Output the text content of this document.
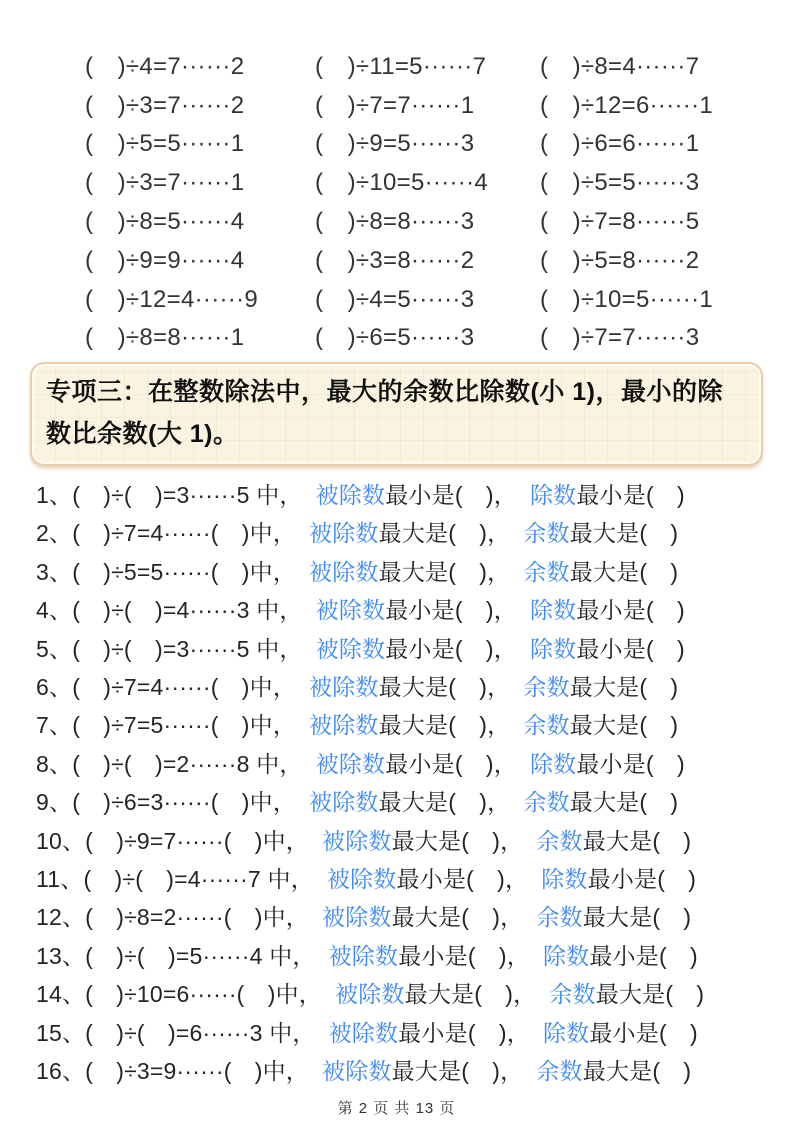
(　)÷4=7······2	(　)÷11=5······7	(　)÷8=4······7
(　)÷3=7······2	(　)÷7=7······1	(　)÷12=6······1
(　)÷5=5······1	(　)÷9=5······3	(　)÷6=6······1
(　)÷3=7······1	(　)÷10=5······4	(　)÷5=5······3
(　)÷8=5······4	(　)÷8=8······3	(　)÷7=8······5
(　)÷9=9······4	(　)÷3=8······2	(　)÷5=8······2
(　)÷12=4······9	(　)÷4=5······3	(　)÷10=5······1
(　)÷8=8······1	(　)÷6=5······3	(　)÷7=7······3
专项三：在整数除法中，最大的余数比除数(小 1)，最小的除数比余数(大 1)。
1、(　)÷(　)=3······5 中， 被除数 最小是(　)， 除数 最小是(　)
2、(　)÷7=4······(　)中， 被除数 最大是(　)， 余数 最大是(　)
3、(　)÷5=5······(　)中， 被除数 最大是(　)， 余数 最大是(　)
4、(　)÷(　)=4······3 中， 被除数 最小是(　)， 除数 最小是(　)
5、(　)÷(　)=3······5 中， 被除数 最小是(　)， 除数 最小是(　)
6、(　)÷7=4······(　)中， 被除数 最大是(　)， 余数 最大是(　)
7、(　)÷7=5······(　)中， 被除数 最大是(　)， 余数 最大是(　)
8、(　)÷(　)=2······8 中， 被除数 最小是(　)， 除数 最小是(　)
9、(　)÷6=3······(　)中， 被除数 最大是(　)， 余数 最大是(　)
10、(　)÷9=7······(　)中， 被除数 最大是(　)， 余数 最大是(　)
11、(　)÷(　)=4······7 中， 被除数 最小是(　)， 除数 最小是(　)
12、(　)÷8=2······(　)中， 被除数 最大是(　)， 余数 最大是(　)
13、(　)÷(　)=5······4 中， 被除数 最小是(　)， 除数 最小是(　)
14、(　)÷10=6······(　)中， 被除数 最大是(　)， 余数 最大是(　)
15、(　)÷(　)=6······3 中， 被除数 最小是(　)， 除数 最小是(　)
16、(　)÷3=9······(　)中， 被除数 最大是(　)， 余数 最大是(　)
第 2 页 共 13 页
